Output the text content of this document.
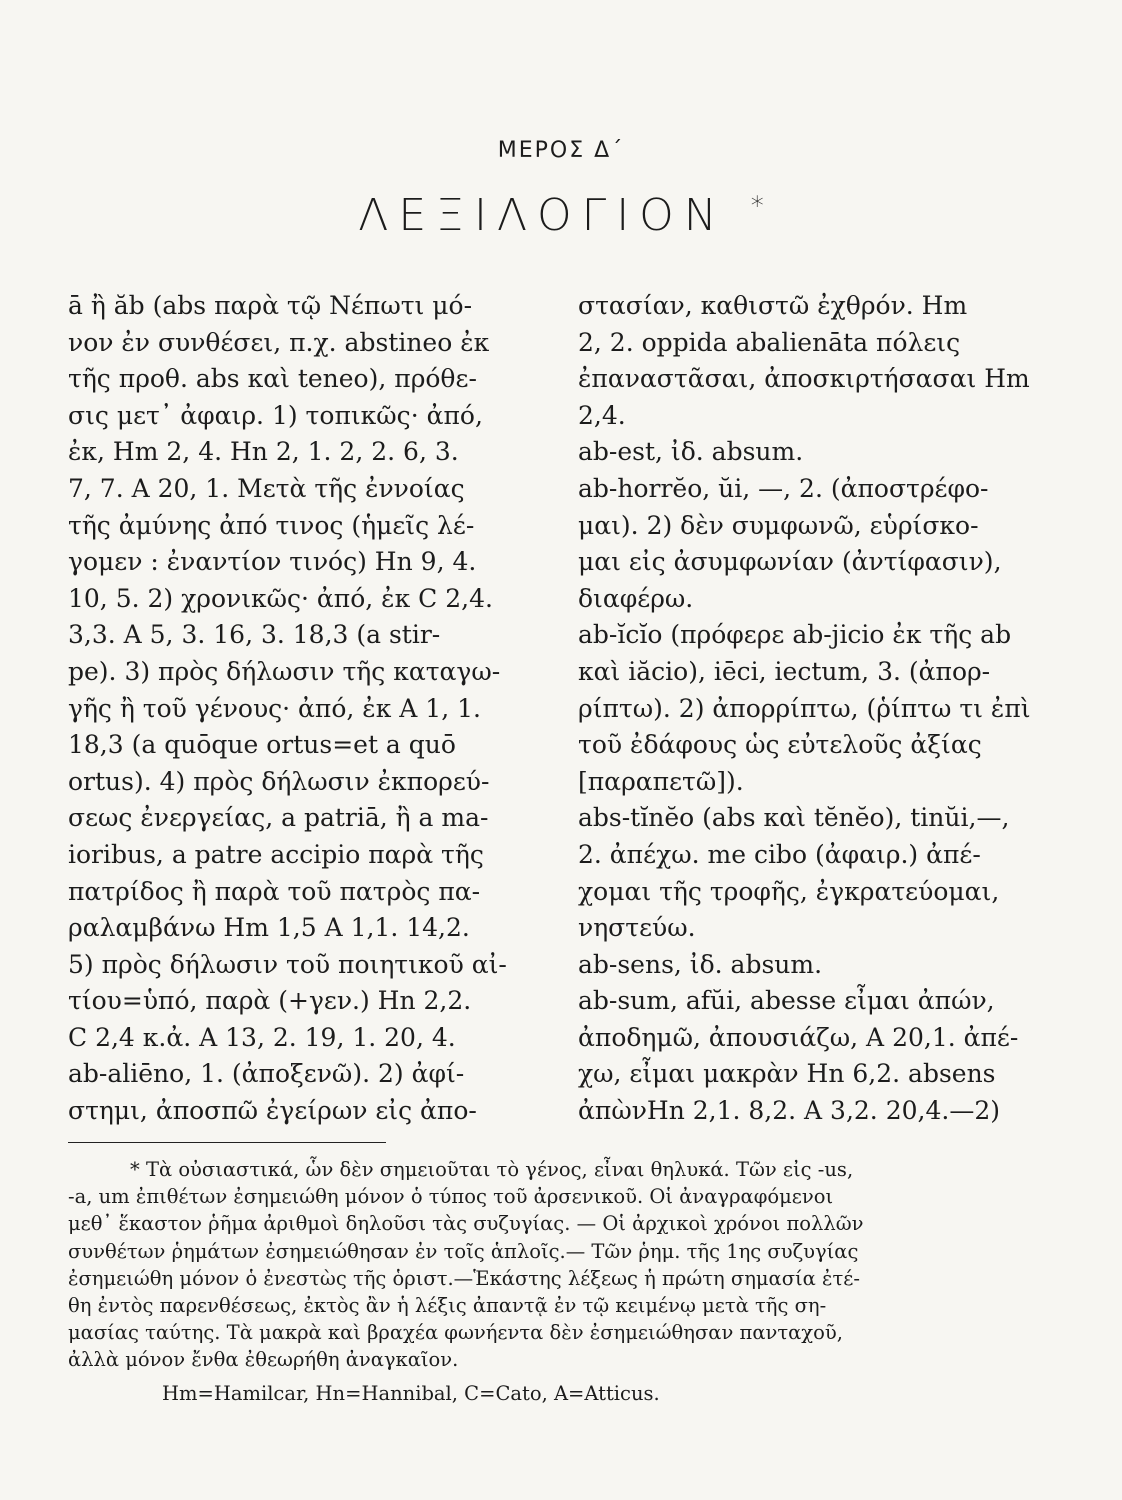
ΜΕΡΟΣ Δ΄
ΛΕΞΙΛΟΓΙΟΝ *
ā ἢ ăb (abs παρὰ τῷ Νέπωτι μό-
νον ἐν συνθέσει, π.χ. abstineo ἐκ
τῆς προθ. abs καὶ teneo), πρόθε-
σις μετ᾽ ἀφαιρ. 1) τοπικῶς· ἀπό,
ἐκ, Hm 2, 4. Hn 2, 1. 2, 2. 6, 3.
7, 7. A 20, 1. Μετὰ τῆς ἐννοίας
τῆς ἀμύνης ἀπό τινος (ἡμεῖς λέ-
γομεν : ἐναντίον τινός) Hn 9, 4.
10, 5. 2) χρονικῶς· ἀπό, ἐκ C 2,4.
3,3. A 5, 3. 16, 3. 18,3 (a stir-
pe). 3) πρὸς δήλωσιν τῆς καταγω-
γῆς ἢ τοῦ γένους· ἀπό, ἐκ A 1, 1.
18,3 (a quōque ortus=et a quō
ortus). 4) πρὸς δήλωσιν ἐκπορεύ-
σεως ἐνεργείας, a patriā, ἢ a ma-
ioribus, a patre accipio παρὰ τῆς
πατρίδος ἢ παρὰ τοῦ πατρὸς πα-
ραλαμβάνω Hm 1,5 A 1,1. 14,2.
5) πρὸς δήλωσιν τοῦ ποιητικοῦ αἰ-
τίου=ὑπό, παρὰ (+γεν.) Hn 2,2.
C 2,4 κ.ἀ. A 13, 2. 19, 1. 20, 4.
ab-aliēno, 1. (ἀποξενῶ). 2) ἀφί-
στημι, ἀποσπῶ ἐγείρων εἰς ἀπο-
στασίαν, καθιστῶ ἐχθρόν. Hm
2, 2. oppida abalienāta πόλεις
ἐπαναστᾶσαι, ἀποσκιρτήσασαι Hm
2,4.
ab-est, ἰδ. absum.
ab-horrĕo, ŭi, —, 2. (ἀποστρέφο-
μαι). 2) δὲν συμφωνῶ, εὑρίσκο-
μαι εἰς ἀσυμφωνίαν (ἀντίφασιν),
διαφέρω.
ab-ĭcĭo (πρόφερε ab-jicio ἐκ τῆς ab
καὶ iăcio), iēci, iectum, 3. (ἀπορ-
ρίπτω). 2) ἀπορρίπτω, (ῥίπτω τι ἐπὶ
τοῦ ἐδάφους ὡς εὐτελοῦς ἀξίας
[παραπετῶ]).
abs-tĭnĕo (abs καὶ tĕnĕo), tinŭi,—,
2. ἀπέχω. me cibo (ἀφαιρ.) ἀπέ-
χομαι τῆς τροφῆς, ἐγκρατεύομαι,
νηστεύω.
ab-sens, ἰδ. absum.
ab-sum, afŭi, abesse εἶμαι ἀπών,
ἀποδημῶ, ἀπουσιάζω, A 20,1. ἀπέ-
χω, εἶμαι μακρὰν Hn 6,2. absens
ἀπὼνHn 2,1. 8,2. A 3,2. 20,4.—2)
* Τὰ οὐσιαστικά, ὧν δὲν σημειοῦται τὸ γένος, εἶναι θηλυκά. Τῶν εἰς -us,
-a, um ἐπιθέτων ἐσημειώθη μόνον ὁ τύπος τοῦ ἀρσενικοῦ. Οἱ ἀναγραφόμενοι
μεθ᾽ ἕκαστον ῥῆμα ἀριθμοὶ δηλοῦσι τὰς συζυγίας. — Οἱ ἀρχικοὶ χρόνοι πολλῶν
συνθέτων ῥημάτων ἐσημειώθησαν ἐν τοῖς ἁπλοῖς.— Τῶν ῥημ. τῆς 1ης συζυγίας
ἐσημειώθη μόνον ὁ ἐνεστὼς τῆς ὁριστ.—Ἑκάστης λέξεως ἡ πρώτη σημασία ἐτέ-
θη ἐντὸς παρενθέσεως, ἐκτὸς ἂν ἡ λέξις ἀπαντᾷ ἐν τῷ κειμένῳ μετὰ τῆς ση-
μασίας ταύτης. Τὰ μακρὰ καὶ βραχέα φωνήεντα δὲν ἐσημειώθησαν πανταχοῦ,
ἀλλὰ μόνον ἔνθα ἐθεωρήθη ἀναγκαῖον.
Hm=Hamilcar, Hn=Hannibal, C=Cato, A=Atticus.
